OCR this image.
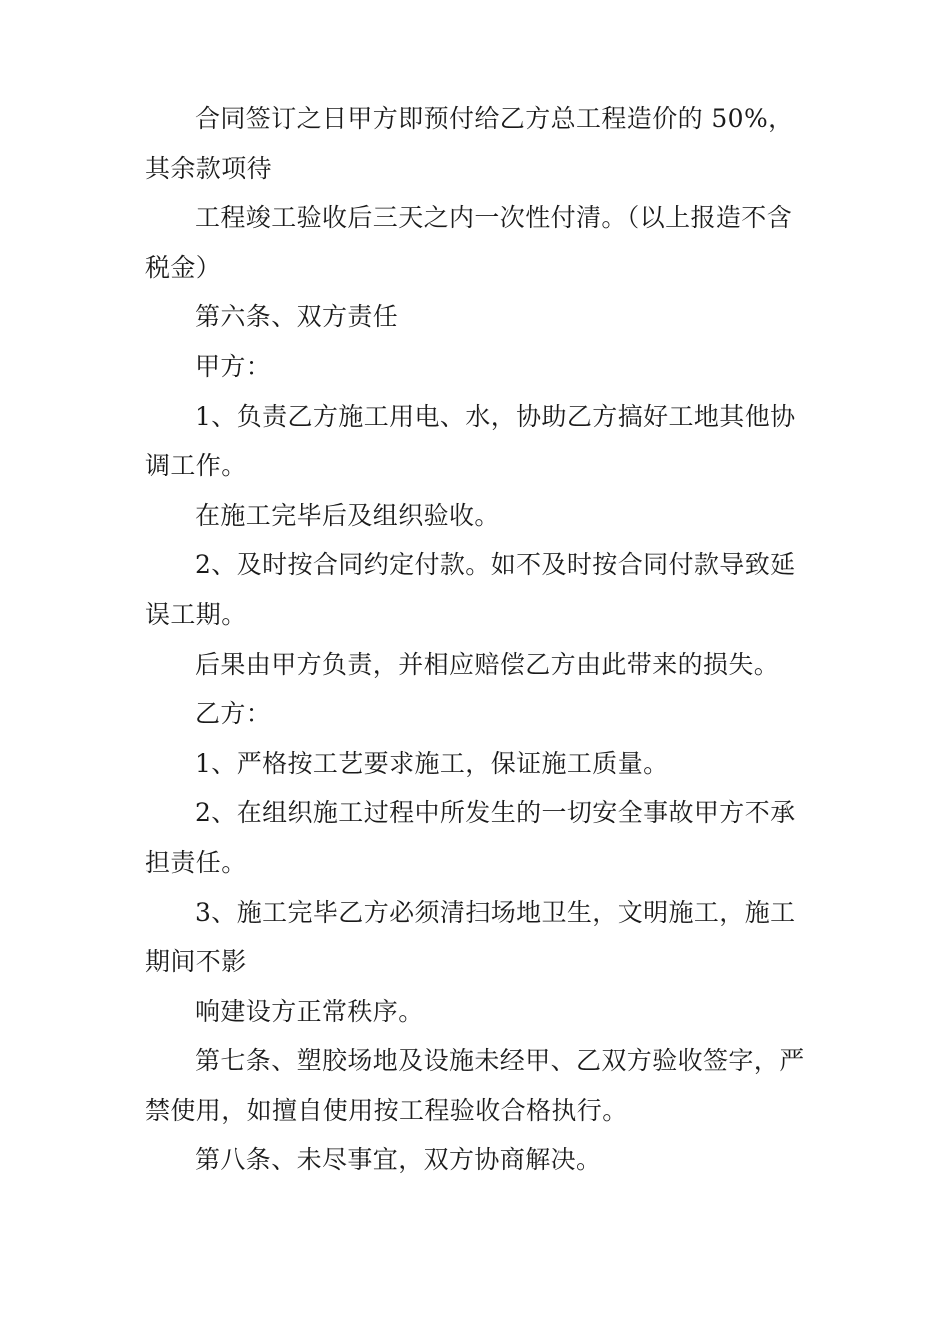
合同签订之日甲方即预付给乙方总工程造价的 50%，其余款项待

工程竣工验收后三天之内一次性付清。（以上报造不含税金）

第六条、双方责任

甲方：

1、负责乙方施工用电、水，协助乙方搞好工地其他协调工作。

在施工完毕后及组织验收。

2、及时按合同约定付款。如不及时按合同付款导致延误工期。

后果由甲方负责，并相应赔偿乙方由此带来的损失。

乙方：

1、严格按工艺要求施工，保证施工质量。

2、在组织施工过程中所发生的一切安全事故甲方不承担责任。

3、施工完毕乙方必须清扫场地卫生，文明施工，施工期间不影

响建设方正常秩序。

第七条、塑胶场地及设施未经甲、乙双方验收签字，严禁使用，如擅自使用按工程验收合格执行。

第八条、未尽事宜，双方协商解决。
